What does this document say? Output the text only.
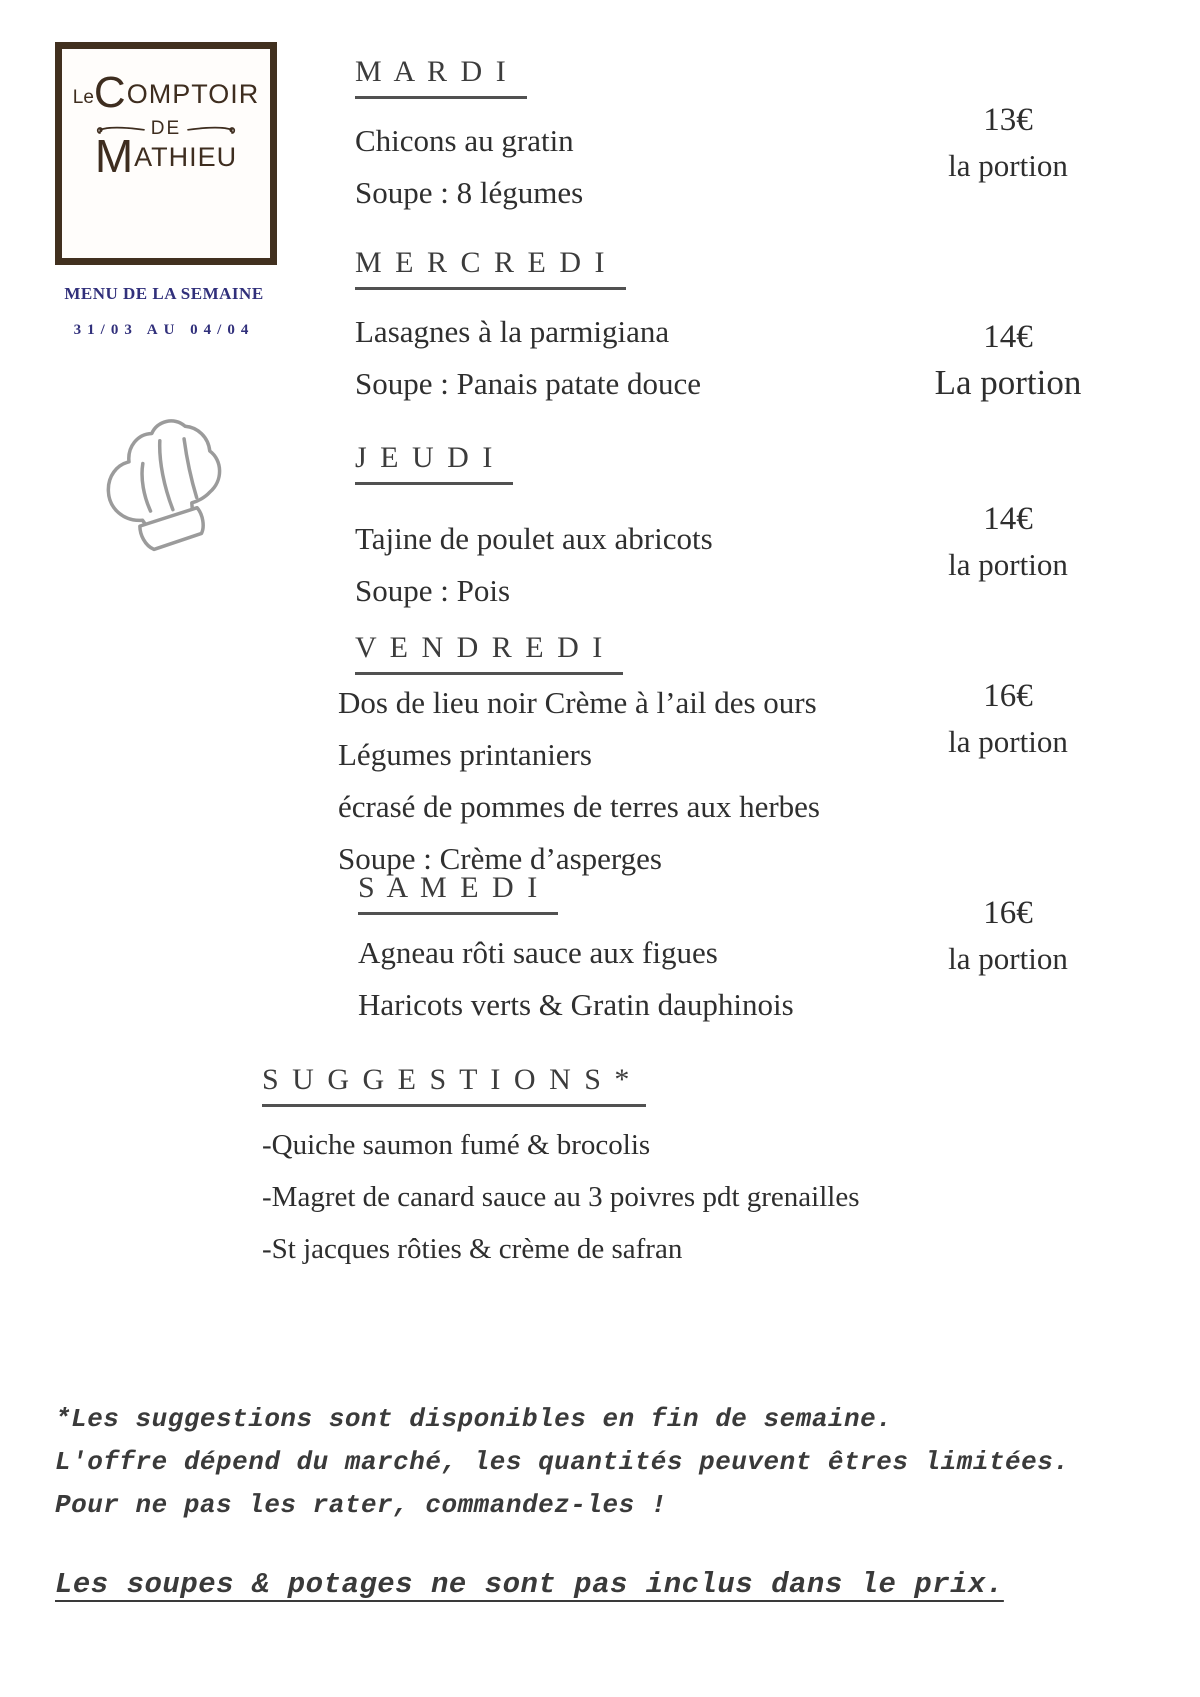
LeCOMPTOIR
DE
MATHIEU
MENU DE LA SEMAINE
31/03 AU 04/04
M A R D I

Chicons au gratin

Soupe : 8 légumes

13€
la portion
M E R C R E D I

Lasagnes à la parmigiana

Soupe : Panais patate douce

14€
La portion
J E U D I

Tajine de poulet aux abricots

Soupe : Pois

14€
la portion
V E N D R E D I

Dos de lieu noir Crème à l’ail des ours

Légumes printaniers

écrasé de pommes de terres aux herbes

Soupe : Crème d’asperges

16€
la portion
S A M E D I

Agneau rôti sauce aux figues

Haricots verts & Gratin dauphinois

16€
la portion
S U G G E S T I O N S *

-Quiche saumon fumé & brocolis

-Magret de canard sauce au 3 poivres pdt grenailles

-St jacques rôties & crème de safran

*Les suggestions sont disponibles en fin de semaine.

L'offre dépend du marché, les quantités peuvent êtres limitées.

Pour ne pas les rater, commandez-les !

Les soupes & potages ne sont pas inclus dans le prix.
